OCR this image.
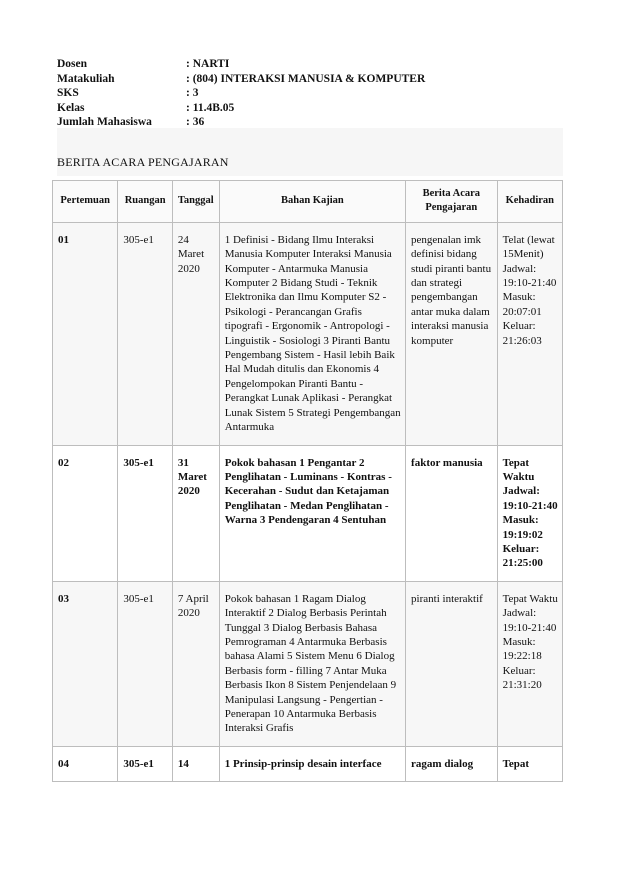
Dosen	: NARTI
Matakuliah	: (804) INTERAKSI MANUSIA & KOMPUTER
SKS	: 3
Kelas	: 11.4B.05
Jumlah Mahasiswa	: 36
BERITA ACARA PENGAJARAN
Pertemuan	Ruangan	Tanggal	Bahan Kajian	Berita Acara Pengajaran	Kehadiran
01	305-e1	24 Maret 2020	1 Definisi - Bidang Ilmu Interaksi Manusia Komputer Interaksi Manusia Komputer - Antarmuka Manusia Komputer 2 Bidang Studi - Teknik Elektronika dan Ilmu Komputer S2 - Psikologi - Perancangan Grafis tipografi - Ergonomik - Antropologi - Linguistik - Sosiologi 3 Piranti Bantu Pengembang Sistem - Hasil lebih Baik Hal Mudah ditulis dan Ekonomis 4 Pengelompokan Piranti Bantu - Perangkat Lunak Aplikasi - Perangkat Lunak Sistem 5 Strategi Pengembangan Antarmuka	pengenalan imk definisi bidang studi piranti bantu dan strategi pengembangan antar muka dalam interaksi manusia komputer	Telat (lewat 15Menit) Jadwal: 19:10-21:40 Masuk: 20:07:01 Keluar: 21:26:03
02	305-e1	31 Maret 2020	Pokok bahasan 1 Pengantar 2 Penglihatan - Luminans - Kontras - Kecerahan - Sudut dan Ketajaman Penglihatan - Medan Penglihatan - Warna 3 Pendengaran 4 Sentuhan	faktor manusia	Tepat Waktu Jadwal: 19:10-21:40 Masuk: 19:19:02 Keluar: 21:25:00
03	305-e1	7 April 2020	Pokok bahasan 1 Ragam Dialog Interaktif 2 Dialog Berbasis Perintah Tunggal 3 Dialog Berbasis Bahasa Pemrograman 4 Antarmuka Berbasis bahasa Alami 5 Sistem Menu 6 Dialog Berbasis form - filling 7 Antar Muka Berbasis Ikon 8 Sistem Penjendelaan 9 Manipulasi Langsung - Pengertian - Penerapan 10 Antarmuka Berbasis Interaksi Grafis	piranti interaktif	Tepat Waktu Jadwal: 19:10-21:40 Masuk: 19:22:18 Keluar: 21:31:20
04	305-e1	14	1 Prinsip-prinsip desain interface	ragam dialog	Tepat
